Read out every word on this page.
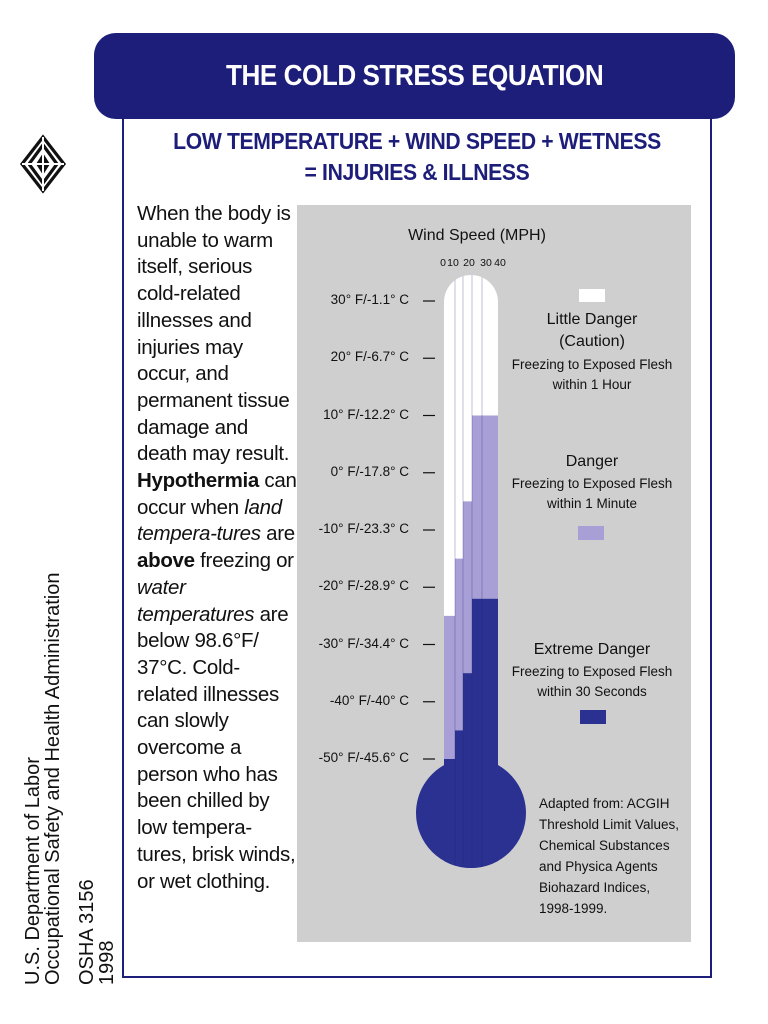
THE COLD STRESS EQUATION
LOW TEMPERATURE + WIND SPEED + WETNESS
= INJURIES & ILLNESS
U.S. Department of Labor
Occupational Safety and Health Administration OSHA 3156
1998
When the body is unable to warm itself, serious cold-related illnesses and injuries may occur, and permanent tissue damage and death may result. Hypothermia can occur when land tempera-tures are above freezing or water temperatures are below 98.6°F/ 37°C. Cold-related illnesses can slowly overcome a person who has been chilled by low tempera-tures, brisk winds, or wet clothing.
Wind Speed (MPH)
0 10 20 30 40
30° F/-1.1° C
20° F/-6.7° C
10° F/-12.2° C
0° F/-17.8° C
-10° F/-23.3° C
-20° F/-28.9° C
-30° F/-34.4° C
-40° F/-40° C
-50° F/-45.6° C
Little Danger
(Caution)
Freezing to Exposed Flesh
within 1 Hour
Danger
Freezing to Exposed Flesh
within 1 Minute
Extreme Danger
Freezing to Exposed Flesh
within 30 Seconds
Adapted from: ACGIH
Threshold Limit Values,
Chemical Substances
and Physica Agents
Biohazard Indices,
1998-1999.
